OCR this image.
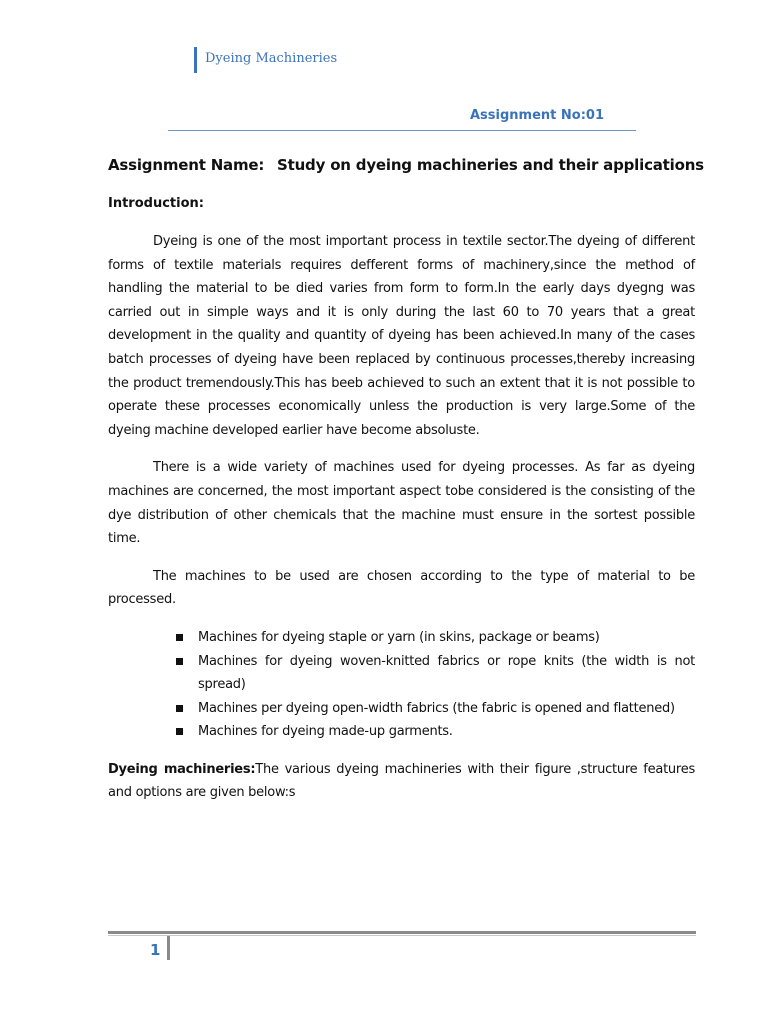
Dyeing Machineries
Assignment No:01
Assignment Name: Study on dyeing machineries and their applications
Introduction:

Dyeing is one of the most important process in textile sector.The dyeing of different forms of textile materials requires defferent forms of machinery,since the method of handling the material to be died varies from form to form.In the early days dyegng was carried out in simple ways and it is only during the last 60 to 70 years that a great development in the quality and quantity of dyeing has been achieved.In many of the cases batch processes of dyeing have been replaced by continuous processes,thereby increasing the product tremendously.This has beeb achieved to such an extent that it is not possible to operate these processes economically unless the production is very large.Some of the dyeing machine developed earlier have become absoluste.

There is a wide variety of machines used for dyeing processes. As far as dyeing machines are concerned, the most important aspect tobe considered is the consisting of the dye distribution of other chemicals that the machine must ensure in the sortest possible time.

The machines to be used are chosen according to the type of material to be processed.

Machines for dyeing staple or yarn (in skins, package or beams)
Machines for dyeing woven-knitted fabrics or rope knits (the width is not spread)
Machines per dyeing open-width fabrics (the fabric is opened and flattened)
Machines for dyeing made-up garments.

Dyeing machineries:The various dyeing machineries with their figure ,structure features and options are given below:s

1
